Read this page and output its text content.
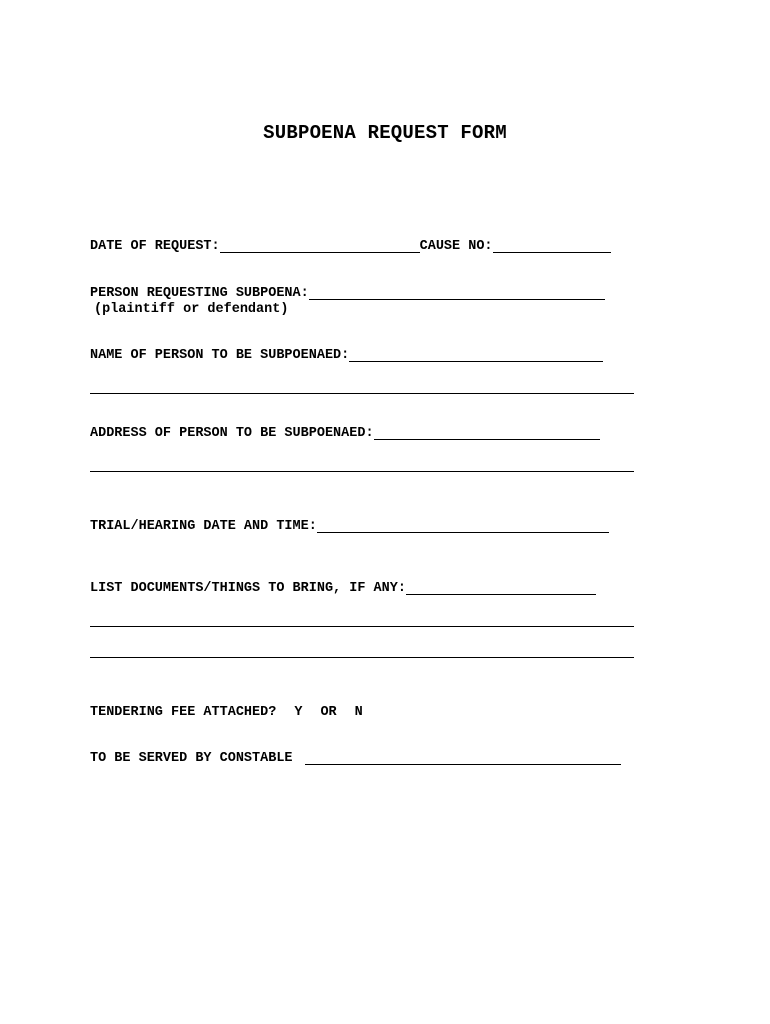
SUBPOENA REQUEST FORM
DATE OF REQUEST:	CAUSE NO:
PERSON REQUESTING SUBPOENA:
(plaintiff or defendant)
NAME OF PERSON TO BE SUBPOENAED:
ADDRESS OF PERSON TO BE SUBPOENAED:
TRIAL/HEARING DATE AND TIME:
LIST DOCUMENTS/THINGS TO BRING, IF ANY:
TENDERING FEE ATTACHED? Y OR N
TO BE SERVED BY CONSTABLE
